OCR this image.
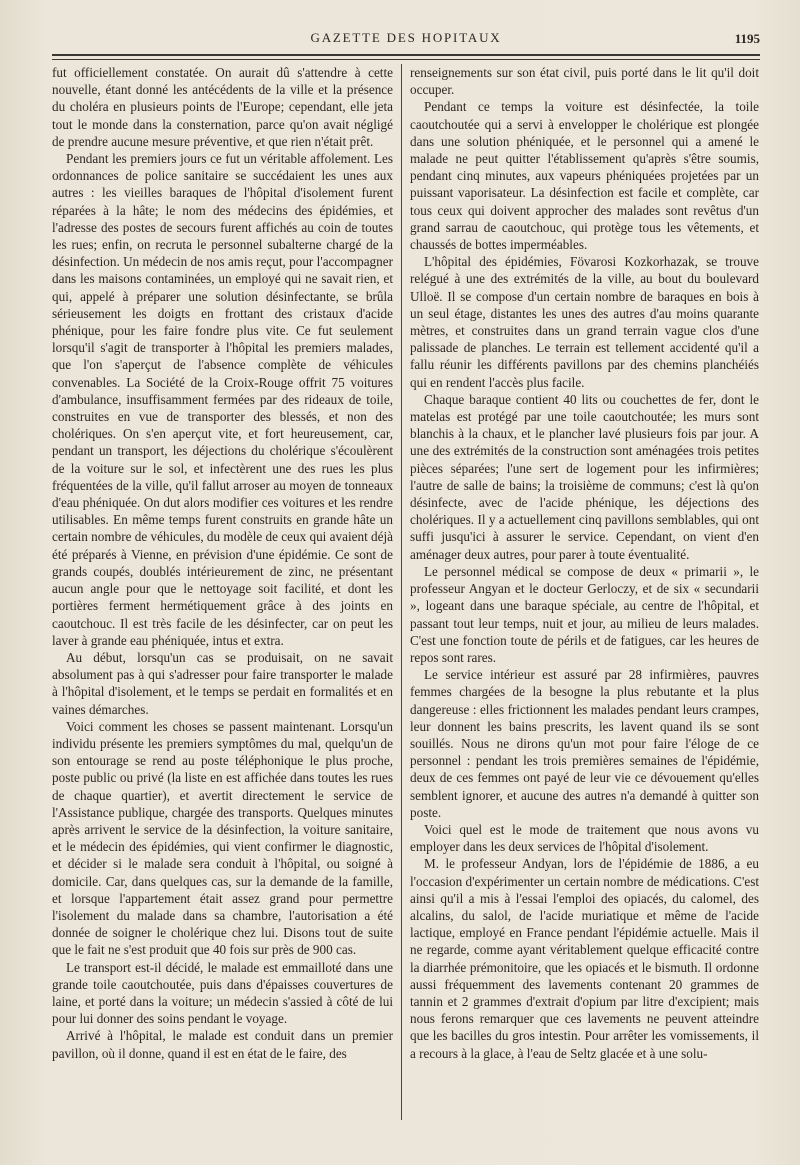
GAZETTE DES HOPITAUX	1195

fut officiellement constatée. On aurait dû s'attendre à cette nouvelle, étant donné les antécédents de la ville et la présence du choléra en plusieurs points de l'Europe; cependant, elle jeta tout le monde dans la consternation, parce qu'on avait négligé de prendre aucune mesure préventive, et que rien n'était prêt.

Pendant les premiers jours ce fut un véritable affolement. Les ordonnances de police sanitaire se succédaient les unes aux autres : les vieilles baraques de l'hôpital d'isolement furent réparées à la hâte; le nom des médecins des épidémies, et l'adresse des postes de secours furent affichés au coin de toutes les rues; enfin, on recruta le personnel subalterne chargé de la désinfection. Un médecin de nos amis reçut, pour l'accompagner dans les maisons contaminées, un employé qui ne savait rien, et qui, appelé à préparer une solution désinfectante, se brûla sérieusement les doigts en frottant des cristaux d'acide phénique, pour les faire fondre plus vite. Ce fut seulement lorsqu'il s'agit de transporter à l'hôpital les premiers malades, que l'on s'aperçut de l'absence complète de véhicules convenables. La Société de la Croix-Rouge offrit 75 voitures d'ambulance, insuffisamment fermées par des rideaux de toile, construites en vue de transporter des blessés, et non des cholériques. On s'en aperçut vite, et fort heureusement, car, pendant un transport, les déjections du cholérique s'écoulèrent de la voiture sur le sol, et infectèrent une des rues les plus fréquentées de la ville, qu'il fallut arroser au moyen de tonneaux d'eau phéniquée. On dut alors modifier ces voitures et les rendre utilisables. En même temps furent construits en grande hâte un certain nombre de véhicules, du modèle de ceux qui avaient déjà été préparés à Vienne, en prévision d'une épidémie. Ce sont de grands coupés, doublés intérieurement de zinc, ne présentant aucun angle pour que le nettoyage soit facilité, et dont les portières ferment hermétiquement grâce à des joints en caoutchouc. Il est très facile de les désinfecter, car on peut les laver à grande eau phéniquée, intus et extra.

Au début, lorsqu'un cas se produisait, on ne savait absolument pas à qui s'adresser pour faire transporter le malade à l'hôpital d'isolement, et le temps se perdait en formalités et en vaines démarches.

Voici comment les choses se passent maintenant. Lorsqu'un individu présente les premiers symptômes du mal, quelqu'un de son entourage se rend au poste téléphonique le plus proche, poste public ou privé (la liste en est affichée dans toutes les rues de chaque quartier), et avertit directement le service de l'Assistance publique, chargée des transports. Quelques minutes après arrivent le service de la désinfection, la voiture sanitaire, et le médecin des épidémies, qui vient confirmer le diagnostic, et décider si le malade sera conduit à l'hôpital, ou soigné à domicile. Car, dans quelques cas, sur la demande de la famille, et lorsque l'appartement était assez grand pour permettre l'isolement du malade dans sa chambre, l'autorisation a été donnée de soigner le cholérique chez lui. Disons tout de suite que le fait ne s'est produit que 40 fois sur près de 900 cas.

Le transport est-il décidé, le malade est emmailloté dans une grande toile caoutchoutée, puis dans d'épaisses couvertures de laine, et porté dans la voiture; un médecin s'assied à côté de lui pour lui donner des soins pendant le voyage.

Arrivé à l'hôpital, le malade est conduit dans un premier pavillon, où il donne, quand il est en état de le faire, des

renseignements sur son état civil, puis porté dans le lit qu'il doit occuper.

Pendant ce temps la voiture est désinfectée, la toile caoutchoutée qui a servi à envelopper le cholérique est plongée dans une solution phéniquée, et le personnel qui a amené le malade ne peut quitter l'établissement qu'après s'être soumis, pendant cinq minutes, aux vapeurs phéniquées projetées par un puissant vaporisateur. La désinfection est facile et complète, car tous ceux qui doivent approcher des malades sont revêtus d'un grand sarrau de caoutchouc, qui protège tous les vêtements, et chaussés de bottes imperméables.

L'hôpital des épidémies, Fövarosi Kozkorhazak, se trouve relégué à une des extrémités de la ville, au bout du boulevard Ulloë. Il se compose d'un certain nombre de baraques en bois à un seul étage, distantes les unes des autres d'au moins quarante mètres, et construites dans un grand terrain vague clos d'une palissade de planches. Le terrain est tellement accidenté qu'il a fallu réunir les différents pavillons par des chemins planchéiés qui en rendent l'accès plus facile.

Chaque baraque contient 40 lits ou couchettes de fer, dont le matelas est protégé par une toile caoutchoutée; les murs sont blanchis à la chaux, et le plancher lavé plusieurs fois par jour. A une des extrémités de la construction sont aménagées trois petites pièces séparées; l'une sert de logement pour les infirmières; l'autre de salle de bains; la troisième de communs; c'est là qu'on désinfecte, avec de l'acide phénique, les déjections des cholériques. Il y a actuellement cinq pavillons semblables, qui ont suffi jusqu'ici à assurer le service. Cependant, on vient d'en aménager deux autres, pour parer à toute éventualité.

Le personnel médical se compose de deux « primarii », le professeur Angyan et le docteur Gerloczy, et de six « secundarii », logeant dans une baraque spéciale, au centre de l'hôpital, et passant tout leur temps, nuit et jour, au milieu de leurs malades. C'est une fonction toute de périls et de fatigues, car les heures de repos sont rares.

Le service intérieur est assuré par 28 infirmières, pauvres femmes chargées de la besogne la plus rebutante et la plus dangereuse : elles frictionnent les malades pendant leurs crampes, leur donnent les bains prescrits, les lavent quand ils se sont souillés. Nous ne dirons qu'un mot pour faire l'éloge de ce personnel : pendant les trois premières semaines de l'épidémie, deux de ces femmes ont payé de leur vie ce dévouement qu'elles semblent ignorer, et aucune des autres n'a demandé à quitter son poste.

Voici quel est le mode de traitement que nous avons vu employer dans les deux services de l'hôpital d'isolement.

M. le professeur Andyan, lors de l'épidémie de 1886, a eu l'occasion d'expérimenter un certain nombre de médications. C'est ainsi qu'il a mis à l'essai l'emploi des opiacés, du calomel, des alcalins, du salol, de l'acide muriatique et même de l'acide lactique, employé en France pendant l'épidémie actuelle. Mais il ne regarde, comme ayant véritablement quelque efficacité contre la diarrhée prémonitoire, que les opiacés et le bismuth. Il ordonne aussi fréquemment des lavements contenant 20 grammes de tannin et 2 grammes d'extrait d'opium par litre d'excipient; mais nous ferons remarquer que ces lavements ne peuvent atteindre que les bacilles du gros intestin. Pour arrêter les vomissements, il a recours à la glace, à l'eau de Seltz glacée et à une solu-
